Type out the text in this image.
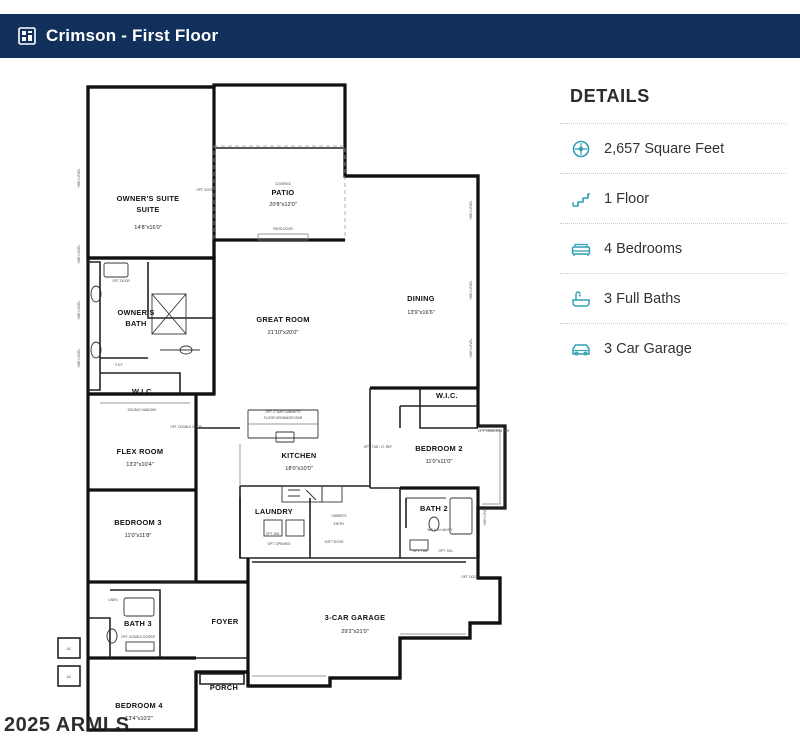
Crimson - First Floor
AC
AC
HIGH LEVEL
HIGH LEVEL
HIGH LEVEL
HIGH LEVEL
HIGH LEVEL
HIGH LEVEL
HIGH LEVEL
HIGH LEVEL
OWNER'S SUITE
SUITE
14'8"x16'0"
PATIO
20'8"x12'0"
COVERED
PATIO DOOR
OWNER'S
BATH	GREAT ROOM
21'10"x20'0"
DINING
13'9"x16'6"
W.I.C.	W.I.C.
FLEX ROOM
13'2"x10'4"
KITCHEN
18'0"x10'0"
BEDROOM 2
11'0"x11'0"
LAUNDRY	OWNER'S
ENTRY
BATH 2
BEDROOM 3
11'0"x11'8"
BATH 3	FOYER	3-CAR GARAGE
29'2"x21'0"
PORCH
BEDROOM 4
13'4"x10'2"
LINEN
OPT. DOOR
OPT. DOOR
3 S.F.
DOUBLE HANGING
OPT. DOUBLE DOOR
OPT. 2" BAR CABINETS
FLOOR ORGANIZED BAR
OPT. TUB / LT. REF
OPT. TANKLESS W.H.
OPT. WD.
OPT. OPENING
WALK-IN VANITY
OPT. SHL.
OPT. TUB
SOFT DOOR
OPT. DOUBLE DOORS
OPT. DOOR
DETAILS
2,657 Square Feet
1 Floor
4 Bedrooms
3 Full Baths
3 Car Garage
2025 ARMLS
